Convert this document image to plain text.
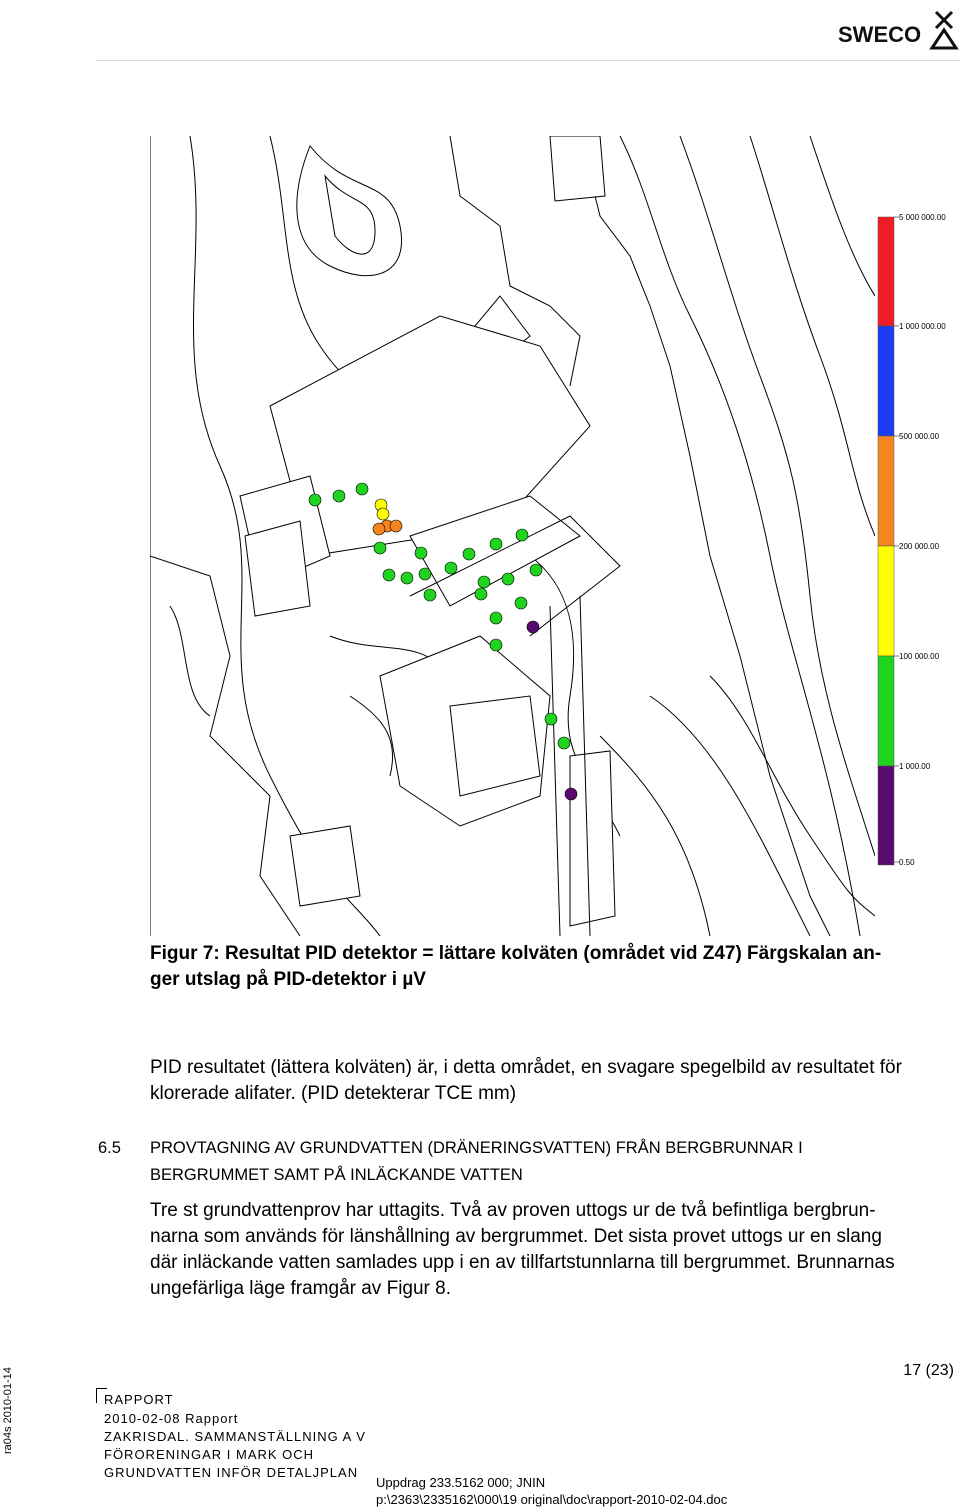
SWECO
5 000 000.00
1 000 000.00
500 000.00
200 000.00
100 000.00
1 000.00
0.50
Figur 7: Resultat PID detektor = lättare kolväten (området vid Z47) Färgskalan an-
ger utslag på PID-detektor i µV
PID resultatet (lättera kolväten) är, i detta området, en svagare spegelbild av resultatet för
klorerade alifater. (PID detekterar TCE mm)
6.5 PROVTAGNING AV GRUNDVATTEN (DRÄNERINGSVATTEN) FRÅN BERGBRUNNAR I
BERGRUMMET SAMT PÅ INLÄCKANDE VATTEN
Tre st grundvattenprov har uttagits. Två av proven uttogs ur de två befintliga bergbrun-
narna som används för länshållning av bergrummet. Det sista provet uttogs ur en slang
där inläckande vatten samlades upp i en av tillfartstunnlarna till bergrummet. Brunnarnas
ungefärliga läge framgår av Figur 8.
17 (23)
ra04s 2010-01-14	RAPPORT
2010-02-08 Rapport
ZAKRISDAL. SAMMANSTÄLLNING A V
FÖRORENINGAR I MARK OCH
GRUNDVATTEN INFÖR DETALJPLAN
Uppdrag 233.5162 000; JNIN
p:\2363\2335162\000\19 original\doc\rapport-2010-02-04.doc
